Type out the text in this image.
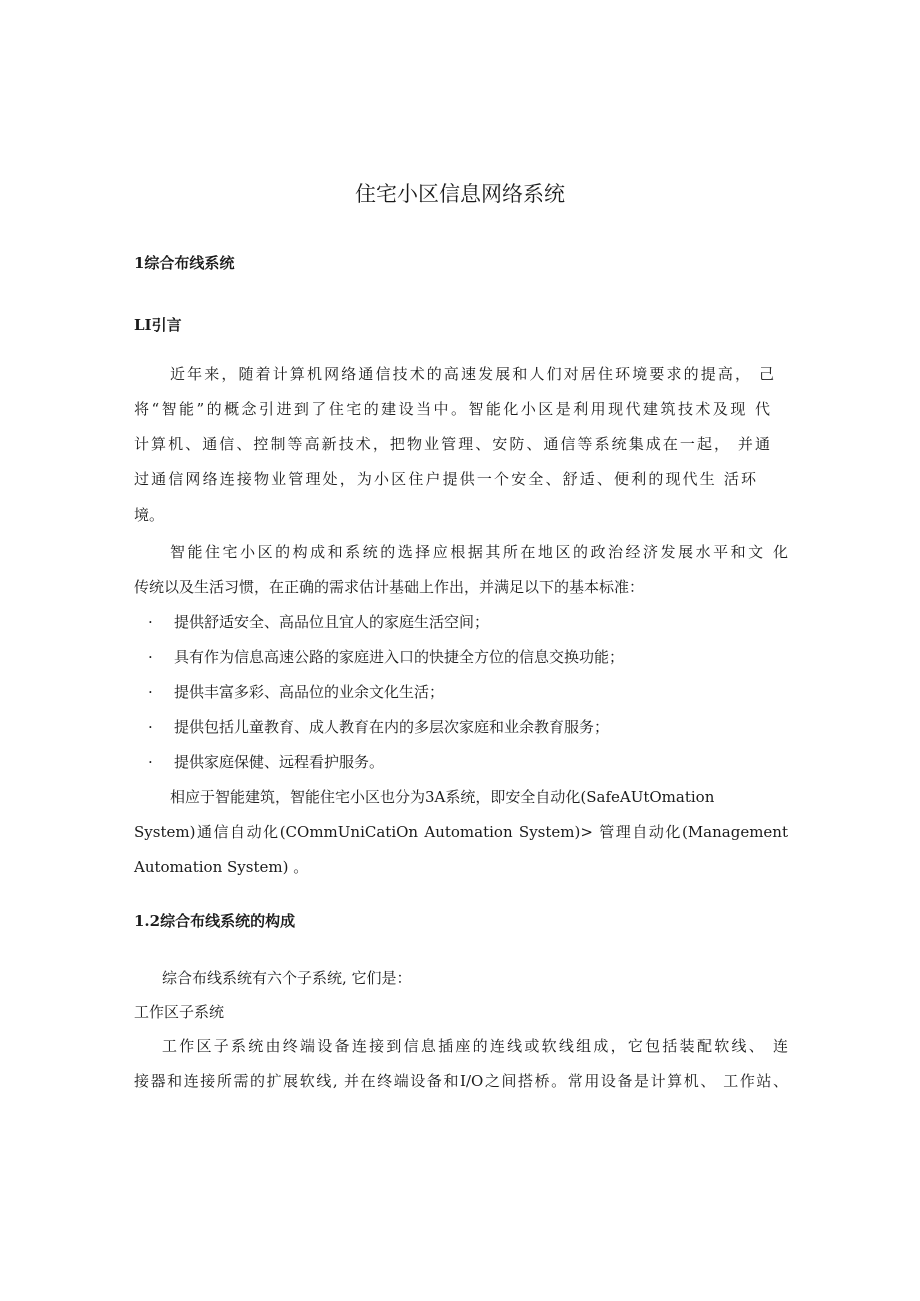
住宅小区信息网络系统
1综合布线系统
LI引言
近年来，随着计算机网络通信技术的高速发展和人们对居住环境要求的提高， 己
将“智能”的概念引进到了住宅的建设当中。智能化小区是利用现代建筑技术及现 代
计算机、通信、控制等高新技术，把物业管理、安防、通信等系统集成在一起， 并通
过通信网络连接物业管理处，为小区住户提供一个安全、舒适、便利的现代生 活环
境。
智能住宅小区的构成和系统的选择应根据其所在地区的政治经济发展水平和文 化
传统以及生活习惯，在正确的需求估计基础上作出，并满足以下的基本标准：
· 提供舒适安全、高品位且宜人的家庭生活空间；
· 具有作为信息高速公路的家庭进入口的快捷全方位的信息交换功能；
· 提供丰富多彩、高品位的业余文化生活；
· 提供包括儿童教育、成人教育在内的多层次家庭和业余教育服务；
· 提供家庭保健、远程看护服务。
相应于智能建筑，智能住宅小区也分为3A系统，即安全自动化(SafeAUtOmation
System)通信自动化(COmmUniCatiOn Automation System)> 管理自动化(Management
Automation System) 。
1.2综合布线系统的构成
综合布线系统有六个子系统, 它们是：
工作区子系统
工作区子系统由终端设备连接到信息插座的连线或软线组成，它包括装配软线、 连
接器和连接所需的扩展软线, 并在终端设备和I/O之间搭桥。常用设备是计算机、 工作站、
